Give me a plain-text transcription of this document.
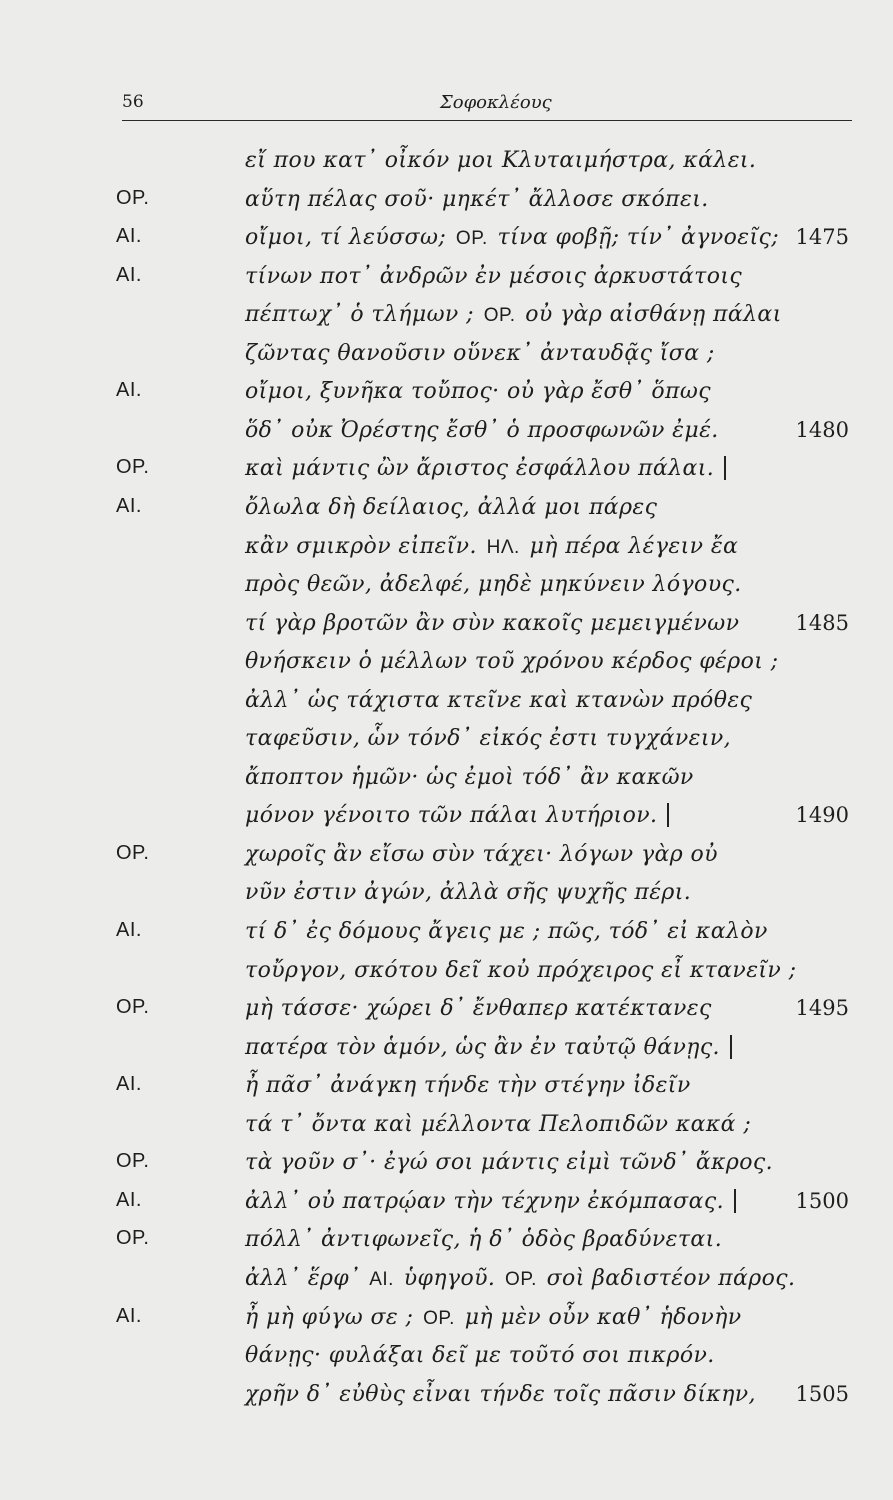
56	Σοφοκλέους
εἴ που κατ᾽ οἶκόν μοι Κλυταιμήστρα, κάλει.
ΟΡ.	αὕτη πέλας σοῦ· μηκέτ᾽ ἄλλοσε σκόπει.
ΑΙ.	οἴμοι, τί λεύσσω; ΟΡ. τίνα φοβῇ; τίν᾽ ἀγνοεῖς; 1475
ΑΙ.	τίνων ποτ᾽ ἀνδρῶν ἐν μέσοις ἀρκυστάτοις
πέπτωχ᾽ ὁ τλήμων ; ΟΡ. οὐ γὰρ αἰσθάνῃ πάλαι
ζῶντας θανοῦσιν οὕνεκ᾽ ἀνταυδᾷς ἴσα ;
ΑΙ.	οἴμοι, ξυνῆκα τοὔπος· οὐ γὰρ ἔσθ᾽ ὅπως
ὅδ᾽ οὐκ Ὀρέστης ἔσθ᾽ ὁ προσφωνῶν ἐμέ.	1480
ΟΡ.	καὶ μάντις ὢν ἄριστος ἐσφάλλου πάλαι.
ΑΙ.	ὄλωλα δὴ δείλαιος, ἀλλά μοι πάρες
κἂν σμικρὸν εἰπεῖν. ΗΛ. μὴ πέρα λέγειν ἔα
πρὸς θεῶν, ἀδελφέ, μηδὲ μηκύνειν λόγους.
τί γὰρ βροτῶν ἂν σὺν κακοῖς μεμειγμένων	1485
θνήσκειν ὁ μέλλων τοῦ χρόνου κέρδος φέροι ;
ἀλλ᾽ ὡς τάχιστα κτεῖνε καὶ κτανὼν πρόθες
ταφεῦσιν, ὧν τόνδ᾽ εἰκός ἐστι τυγχάνειν,
ἄποπτον ἡμῶν· ὡς ἐμοὶ τόδ᾽ ἂν κακῶν
μόνον γένοιτο τῶν πάλαι λυτήριον.	1490
ΟΡ.	χωροῖς ἂν εἴσω σὺν τάχει· λόγων γὰρ οὐ
νῦν ἐστιν ἀγών, ἀλλὰ σῆς ψυχῆς πέρι.
ΑΙ.	τί δ᾽ ἐς δόμους ἄγεις με ; πῶς, τόδ᾽ εἰ καλὸν
τοὔργον, σκότου δεῖ κοὐ πρόχειρος εἶ κτανεῖν ;
ΟΡ.	μὴ τάσσε· χώρει δ᾽ ἔνθαπερ κατέκτανες	1495
πατέρα τὸν ἁμόν, ὡς ἂν ἐν ταὐτῷ θάνῃς.
ΑΙ.	ἦ πᾶσ᾽ ἀνάγκη τήνδε τὴν στέγην ἰδεῖν
τά τ᾽ ὄντα καὶ μέλλοντα Πελοπιδῶν κακά ;
ΟΡ.	τὰ γοῦν σ᾽· ἐγώ σοι μάντις εἰμὶ τῶνδ᾽ ἄκρος.
ΑΙ.	ἀλλ᾽ οὐ πατρῴαν τὴν τέχνην ἐκόμπασας.	1500
ΟΡ.	πόλλ᾽ ἀντιφωνεῖς, ἡ δ᾽ ὁδὸς βραδύνεται.
ἀλλ᾽ ἕρφ᾽ ΑΙ. ὑφηγοῦ. ΟΡ. σοὶ βαδιστέον πάρος.
ΑΙ.	ἦ μὴ φύγω σε ; ΟΡ. μὴ μὲν οὖν καθ᾽ ἡδονὴν
θάνῃς· φυλάξαι δεῖ με τοῦτό σοι πικρόν.
χρῆν δ᾽ εὐθὺς εἶναι τήνδε τοῖς πᾶσιν δίκην, 1505
